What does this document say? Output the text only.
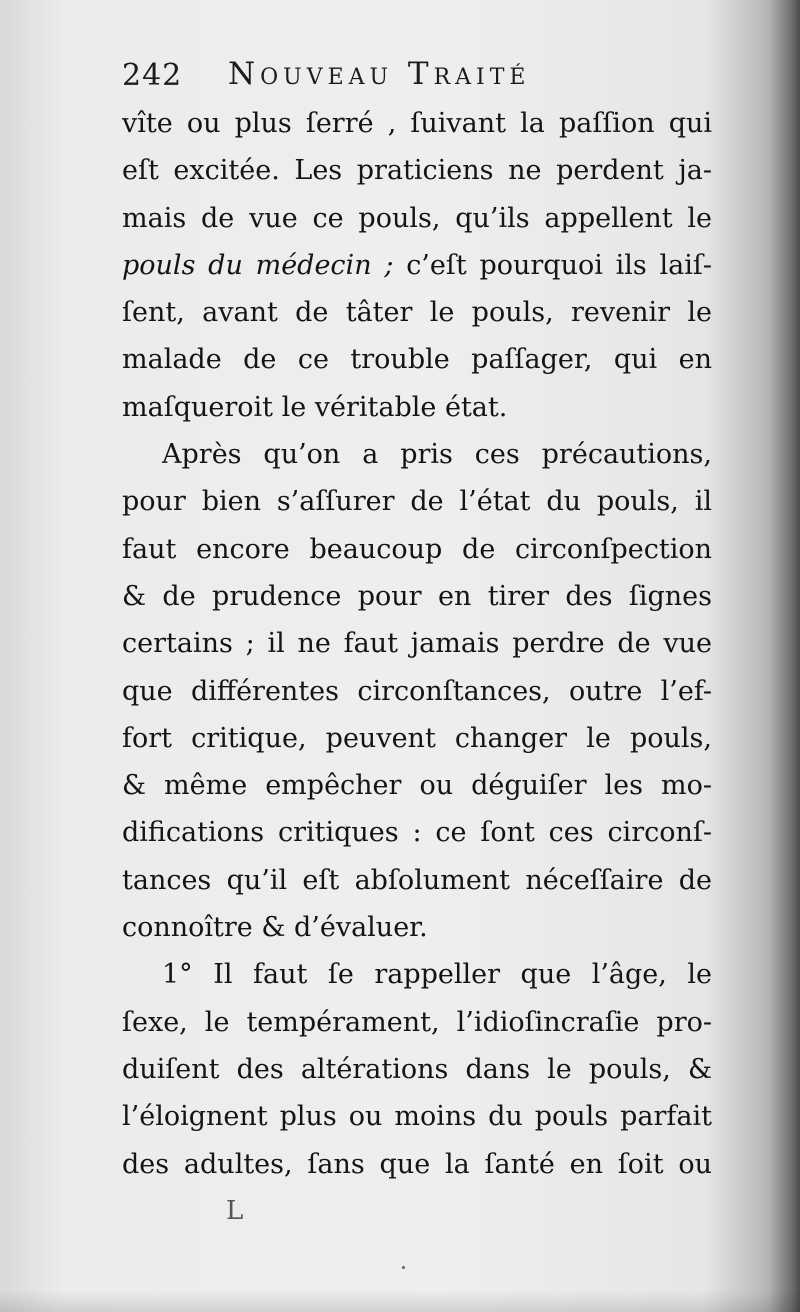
242 Nouveau Traité
vîte ou plus ſerré , ſuivant la paſſion qui
eſt excitée. Les praticiens ne perdent ja-
mais de vue ce pouls, qu’ils appellent le
pouls du médecin ; c’eſt pourquoi ils laiſ-
ſent, avant de tâter le pouls, revenir le
malade de ce trouble paſſager, qui en
maſqueroit le véritable état.
Après qu’on a pris ces précautions,
pour bien s’aſſurer de l’état du pouls, il
faut encore beaucoup de circonſpection
& de prudence pour en tirer des ſignes
certains ; il ne faut jamais perdre de vue
que différentes circonſtances, outre l’ef-
fort critique, peuvent changer le pouls,
& même empêcher ou déguiſer les mo-
difications critiques : ce ſont ces circonſ-
tances qu’il eſt abſolument néceſſaire de
connoître & d’évaluer.
1° Il faut ſe rappeller que l’âge, le
ſexe, le tempérament, l’idioſincraſie pro-
duiſent des altérations dans le pouls, &
l’éloignent plus ou moins du pouls parfait
des adultes, ſans que la ſanté en ſoit ou
L
